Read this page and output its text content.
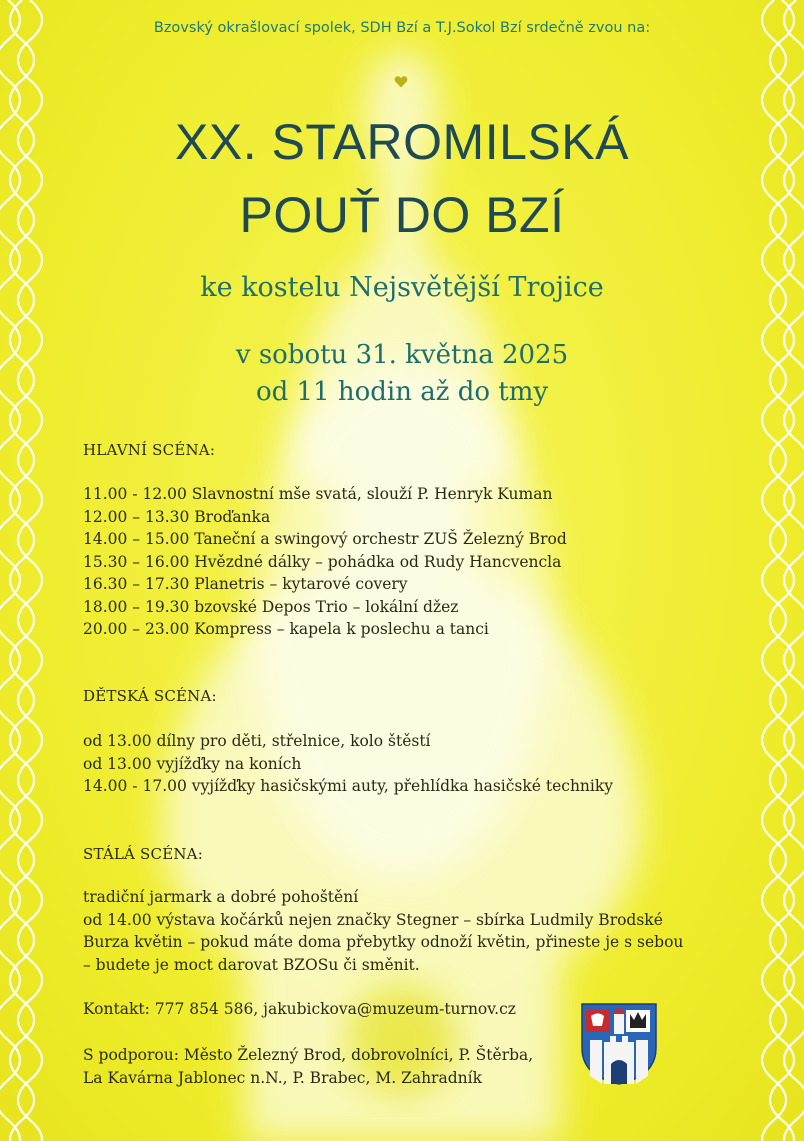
Bzovský okrašlovací spolek, SDH Bzí a T.J.Sokol Bzí srdečně zvou na:
XX. STAROMILSKÁ
POUŤ DO BZÍ
ke kostelu Nejsvětější Trojice
v sobotu 31. května 2025
od 11 hodin až do tmy
HLAVNÍ SCÉNA:
11.00 - 12.00 Slavnostní mše svatá, slouží P. Henryk Kuman
12.00 – 13.30 Broďanka
14.00 – 15.00 Taneční a swingový orchestr ZUŠ Železný Brod
15.30 – 16.00 Hvězdné dálky – pohádka od Rudy Hancvencla
16.30 – 17.30 Planetris – kytarové covery
18.00 – 19.30 bzovské Depos Trio – lokální džez
20.00 – 23.00 Kompress – kapela k poslechu a tanci
DĚTSKÁ SCÉNA:
od 13.00 dílny pro děti, střelnice, kolo štěstí
od 13.00 vyjížďky na koních
14.00 - 17.00 vyjížďky hasičskými auty, přehlídka hasičské techniky
STÁLÁ SCÉNA:
tradiční jarmark a dobré pohoštění
od 14.00 výstava kočárků nejen značky Stegner – sbírka Ludmily Brodské
Burza květin – pokud máte doma přebytky odnoží květin, přineste je s sebou
– budete je moct darovat BZOSu či směnit.
Kontakt: 777 854 586, jakubickova@muzeum-turnov.cz
S podporou: Město Železný Brod, dobrovolníci, P. Štěrba,
La Kavárna Jablonec n.N., P. Brabec, M. Zahradník
